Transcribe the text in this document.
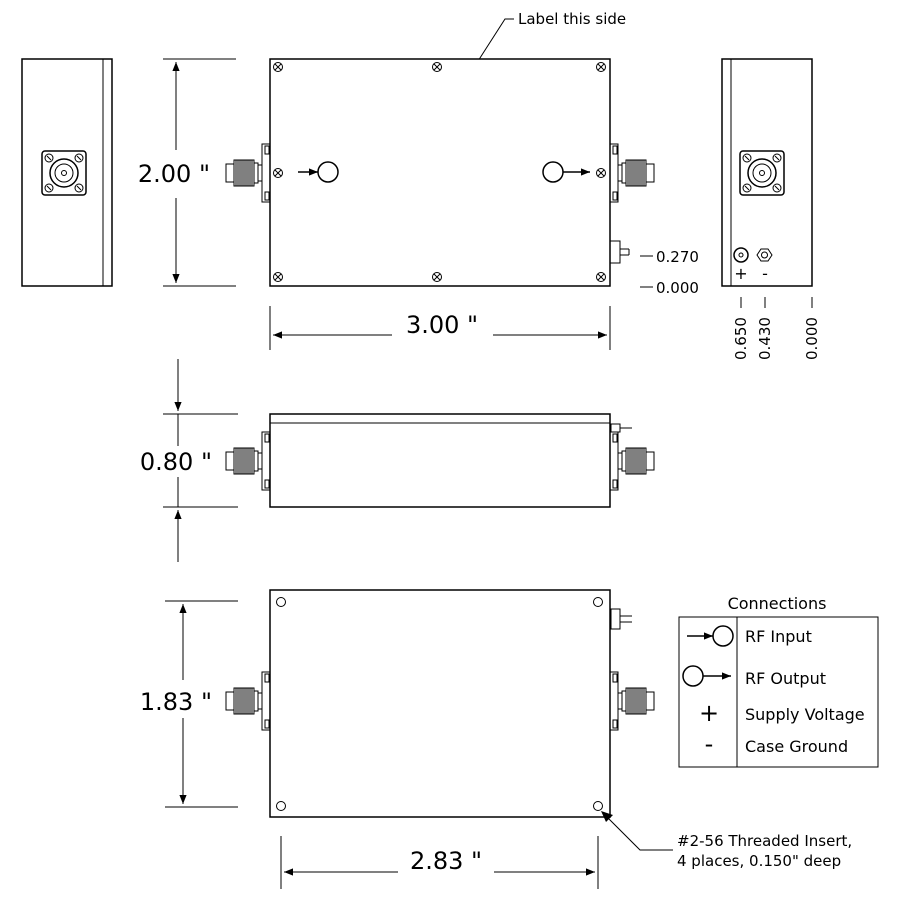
Label this side
2.00 "
3.00 "
0.270
0.000
+ -
0.650 0.430 0.000
0.80 "
1.83 "
2.83 "
#2-56 Threaded Insert,
4 places, 0.150" deep
Connections
RF Input
RF Output
+ Supply Voltage
- Case Ground
